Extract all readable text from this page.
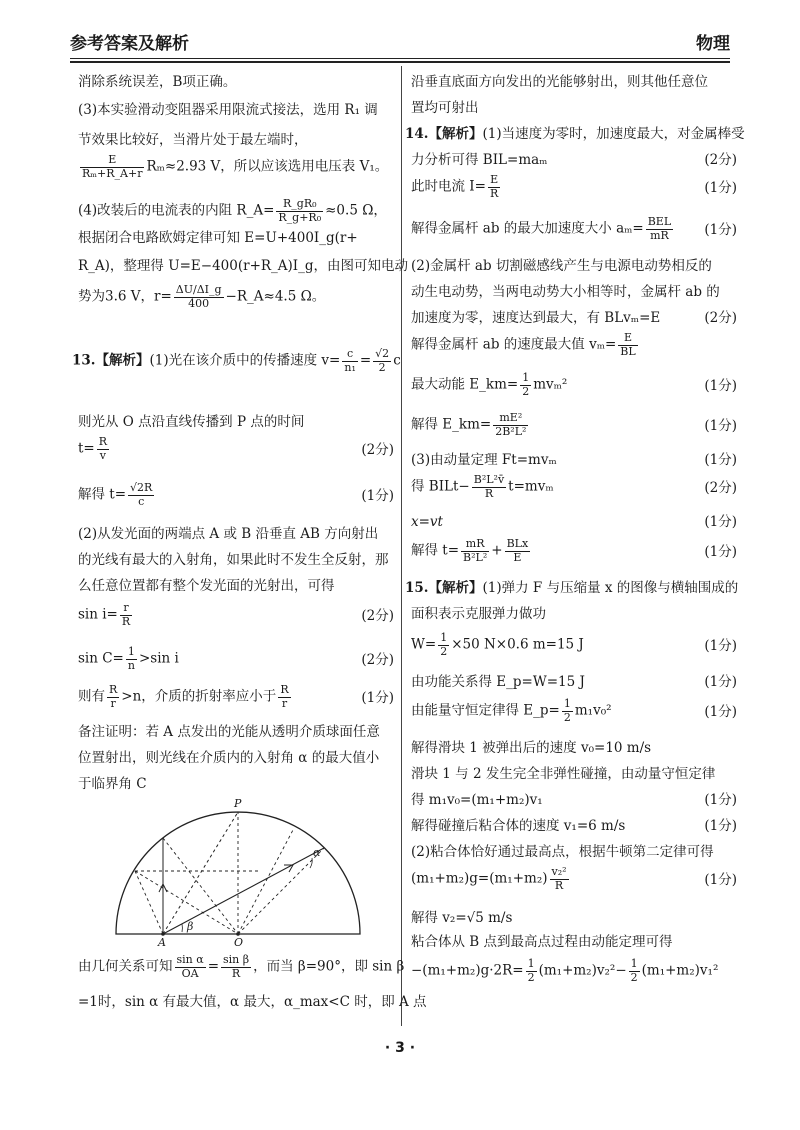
参考答案及解析	物理
消除系统误差，B项正确。
(3)本实验滑动变阻器采用限流式接法，选用 R₁ 调
节效果比较好，当滑片处于最左端时，
$\frac{E}{\text{Rₘ+R\_A+r}} R_m\approx 2.93$ V，所以应该选用电压表 V₁。
(4)改装后的电流表的内阻 R_A= $\frac{\text{R\_gR₀}}{\text{R\_g+R₀}} \approx 0.5$ Ω，
根据闭合电路欧姆定律可知 E=U+400I_g(r+
R_A)，整理得 U=E−400(r+R_A)I_g，由图可知电动
势为3.6 V，$r= \frac{\Delta U/\Delta I\_g}{400}$ −R_A≈4.5 Ω。
13.【解析】(1)光在该介质中的传播速度 $v= \frac{c}{\text{n₁}} = \frac{√2}{2}$ c
则光从 O 点沿直线传播到 P 点的时间
$t= \frac{R}{v}$	(2分)
解得 $t= \frac{√2R}{c}$	(1分)
(2)从发光面的两端点 A 或 B 沿垂直 AB 方向射出
的光线有最大的入射角，如果此时不发生全反射，那
么任意位置都有整个发光面的光射出，可得
$\sin i= \frac{r}{R}$	(2分)
$\sin C= \frac{1}{n} >\sin$ i	(2分)
则有 $\frac{R}{r} >n$，介质的折射率应小于 $\frac{R}{r}$	(1分)
备注证明：若 A 点发出的光能从透明介质球面任意
位置射出，则光线在介质内的入射角 α 的最大值小
于临界角 C
P
A	O
α
β
由几何关系可知 $\frac{\text{sin α}}{OA} = \frac{\text{sin β}}{R}$ ，而当 β=90°，即 sin β
=1时，sin α 有最大值，α 最大，α_max<C 时，即 A 点
沿垂直底面方向发出的光能够射出，则其他任意位
置均可射出
14.【解析】(1)当速度为零时，加速度最大，对金属棒受
力分析可得 BIL=maₘ	(2分)
此时电流 $I= \frac{E}{R}$	(1分)
解得金属杆 ab 的最大加速度大小 $a_m= \frac{\text{BEL}}{mR} (1$分)
(2)金属杆 ab 切割磁感线产生与电源电动势相反的
动生电动势，当两电动势大小相等时，金属杆 ab 的
加速度为零，速度达到最大，有 BLvₘ=E	(2分)
解得金属杆 ab 的速度最大值 $v_m= \frac{E}{BL}$
最大动能 E_km= $\frac{1}{2} mv_m^2$	(1分)
解得 E_km= $\frac{\text{mE²}}{\text{2B²L²}}$	(1分)
(3)由动量定理 Ft=mvₘ	(1分)
得 BILt− $\frac{\text{B²L²v̄}}{R} t=mv_m$	(2分)
x=vt	(1分)
解得 $t= \frac{mR}{\text{B²L²}} + \frac{\text{BLx}}{E}$	(1分)
15.【解析】(1)弹力 F 与压缩量 x 的图像与横轴围成的
面积表示克服弹力做功
$W= \frac{1}{2} \times 50$ N×0.6 m=15 J	(1分)
由功能关系得 E_p=W=15 J	(1分)
由能量守恒定律得 E_p= $\frac{1}{2} m_1v_0^2$	(1分)
解得滑块 1 被弹出后的速度 v₀=10 m/s
滑块 1 与 2 发生完全非弹性碰撞，由动量守恒定律
得 m₁v₀=(m₁+m₂)v₁	(1分)
解得碰撞后粘合体的速度 v₁=6 m/s	(1分)
(2)粘合体恰好通过最高点，根据牛顿第二定律可得
$(m_1+m_2)g=(m_1+m_2) \frac{\text{v₂²}}{R}$	(1分)
解得 v₂=√5 m/s
粘合体从 B 点到最高点过程由动能定理可得
$-(m_1+m_2)g\cdot 2R= \frac{1}{2} (m_1+m_2)v_2^2- \frac{1}{2} (m_1+m_2)v_1^2$
· 3 ·
